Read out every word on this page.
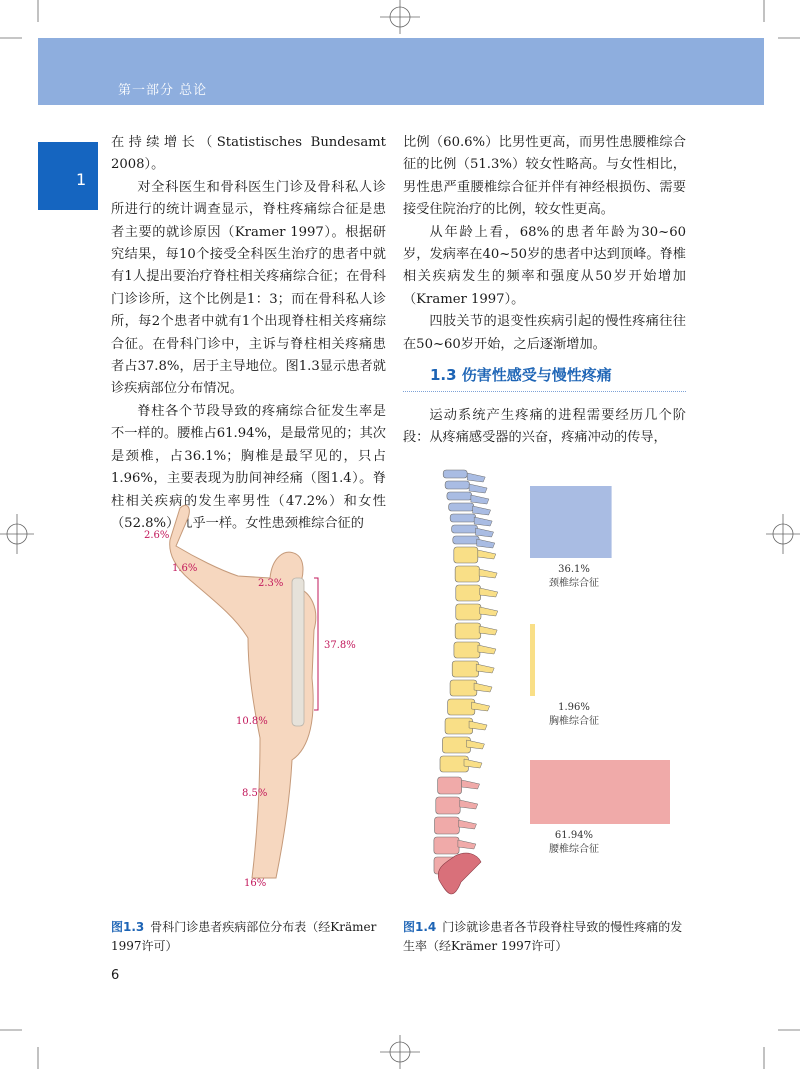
第一部分 总论
1

在持续增长（Statistisches Bundesamt 2008）。

对全科医生和骨科医生门诊及骨科私人诊所进行的统计调查显示，脊柱疼痛综合征是患者主要的就诊原因（Kramer 1997）。根据研究结果，每10个接受全科医生治疗的患者中就有1人提出要治疗脊柱相关疼痛综合征；在骨科门诊诊所，这个比例是1：3；而在骨科私人诊所，每2个患者中就有1个出现脊柱相关疼痛综合征。在骨科门诊中，主诉与脊柱相关疼痛患者占37.8%，居于主导地位。图1.3显示患者就诊疾病部位分布情况。

脊柱各个节段导致的疼痛综合征发生率是不一样的。腰椎占61.94%，是最常见的；其次是颈椎，占36.1%；胸椎是最罕见的，只占1.96%，主要表现为肋间神经痛（图1.4）。脊柱相关疾病的发生率男性（47.2%）和女性（52.8%）几乎一样。女性患颈椎综合征的

比例（60.6%）比男性更高，而男性患腰椎综合征的比例（51.3%）较女性略高。与女性相比，男性患严重腰椎综合征并伴有神经根损伤、需要接受住院治疗的比例，较女性更高。

从年龄上看，68%的患者年龄为30~60岁，发病率在40~50岁的患者中达到顶峰。脊椎相关疾病发生的频率和强度从50岁开始增加（Kramer 1997）。

四肢关节的退变性疾病引起的慢性疼痛往往在50~60岁开始，之后逐渐增加。

1.3 伤害性感受与慢性疼痛

运动系统产生疼痛的进程需要经历几个阶段：从疼痛感受器的兴奋，疼痛冲动的传导，

2.6%
1.6%
2.3%
37.8%
10.8%
8.5%
16%
36.1%
颈椎综合征
1.96%
胸椎综合征
61.94%
腰椎综合征
图1.3 骨科门诊患者疾病部位分布表（经Krämer 1997许可）
图1.4 门诊就诊患者各节段脊柱导致的慢性疼痛的发生率（经Krämer 1997许可）
6
